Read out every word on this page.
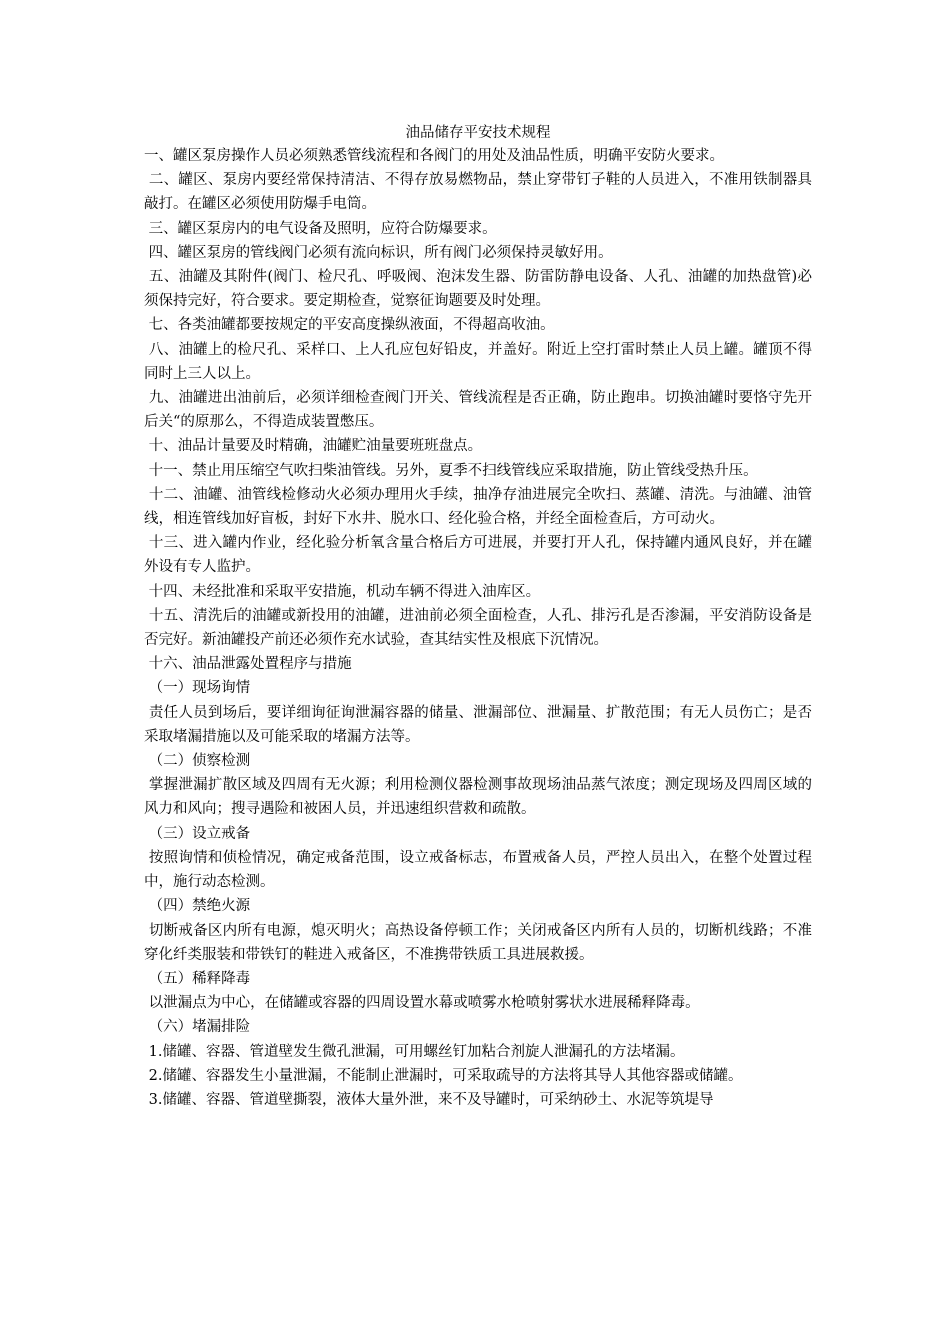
油品储存平安技术规程

一、罐区泵房操作人员必须熟悉管线流程和各阀门的用处及油品性质，明确平安防火要求。

二、罐区、泵房内要经常保持清洁、不得存放易燃物品，禁止穿带钉子鞋的人员进入，不准用铁制器具敲打。在罐区必须使用防爆手电筒。

三、罐区泵房内的电气设备及照明，应符合防爆要求。

四、罐区泵房的管线阀门必须有流向标识，所有阀门必须保持灵敏好用。

五、油罐及其附件(阀门、检尺孔、呼吸阀、泡沫发生器、防雷防静电设备、人孔、油罐的加热盘管)必须保持完好，符合要求。要定期检查，觉察征询题要及时处理。

七、各类油罐都要按规定的平安高度操纵液面，不得超高收油。

八、油罐上的检尺孔、采样口、上人孔应包好铅皮，并盖好。附近上空打雷时禁止人员上罐。罐顶不得同时上三人以上。

九、油罐进出油前后，必须详细检查阀门开关、管线流程是否正确，防止跑串。切换油罐时要恪守先开后关“的原那么，不得造成装置憋压。

十、油品计量要及时精确，油罐贮油量要班班盘点。

十一、禁止用压缩空气吹扫柴油管线。另外，夏季不扫线管线应采取措施，防止管线受热升压。

十二、油罐、油管线检修动火必须办理用火手续，抽净存油进展完全吹扫、蒸罐、清洗。与油罐、油管线，相连管线加好盲板，封好下水井、脱水口、经化验合格，并经全面检查后，方可动火。

十三、进入罐内作业，经化验分析氧含量合格后方可进展，并要打开人孔，保持罐内通风良好，并在罐外设有专人监护。

十四、未经批准和采取平安措施，机动车辆不得进入油库区。

十五、清洗后的油罐或新投用的油罐，进油前必须全面检查，人孔、排污孔是否渗漏，平安消防设备是否完好。新油罐投产前还必须作充水试验，查其结实性及根底下沉情况。

十六、油品泄露处置程序与措施

（一）现场询情

责任人员到场后，要详细询征询泄漏容器的储量、泄漏部位、泄漏量、扩散范围；有无人员伤亡；是否采取堵漏措施以及可能采取的堵漏方法等。

（二）侦察检测

掌握泄漏扩散区域及四周有无火源；利用检测仪器检测事故现场油品蒸气浓度；测定现场及四周区域的风力和风向；搜寻遇险和被困人员，并迅速组织营救和疏散。

（三）设立戒备

按照询情和侦检情况，确定戒备范围，设立戒备标志，布置戒备人员，严控人员出入，在整个处置过程中，施行动态检测。

（四）禁绝火源

切断戒备区内所有电源，熄灭明火；高热设备停顿工作；关闭戒备区内所有人员的，切断机线路；不准穿化纤类服装和带铁钉的鞋进入戒备区，不准携带铁质工具进展救援。

（五）稀释降毒

以泄漏点为中心，在储罐或容器的四周设置水幕或喷雾水枪喷射雾状水进展稀释降毒。

（六）堵漏排险

1.储罐、容器、管道壁发生微孔泄漏，可用螺丝钉加粘合剂旋人泄漏孔的方法堵漏。

2.储罐、容器发生小量泄漏，不能制止泄漏时，可采取疏导的方法将其导人其他容器或储罐。

3.储罐、容器、管道壁撕裂，液体大量外泄，来不及导罐时，可采纳砂土、水泥等筑堤导
